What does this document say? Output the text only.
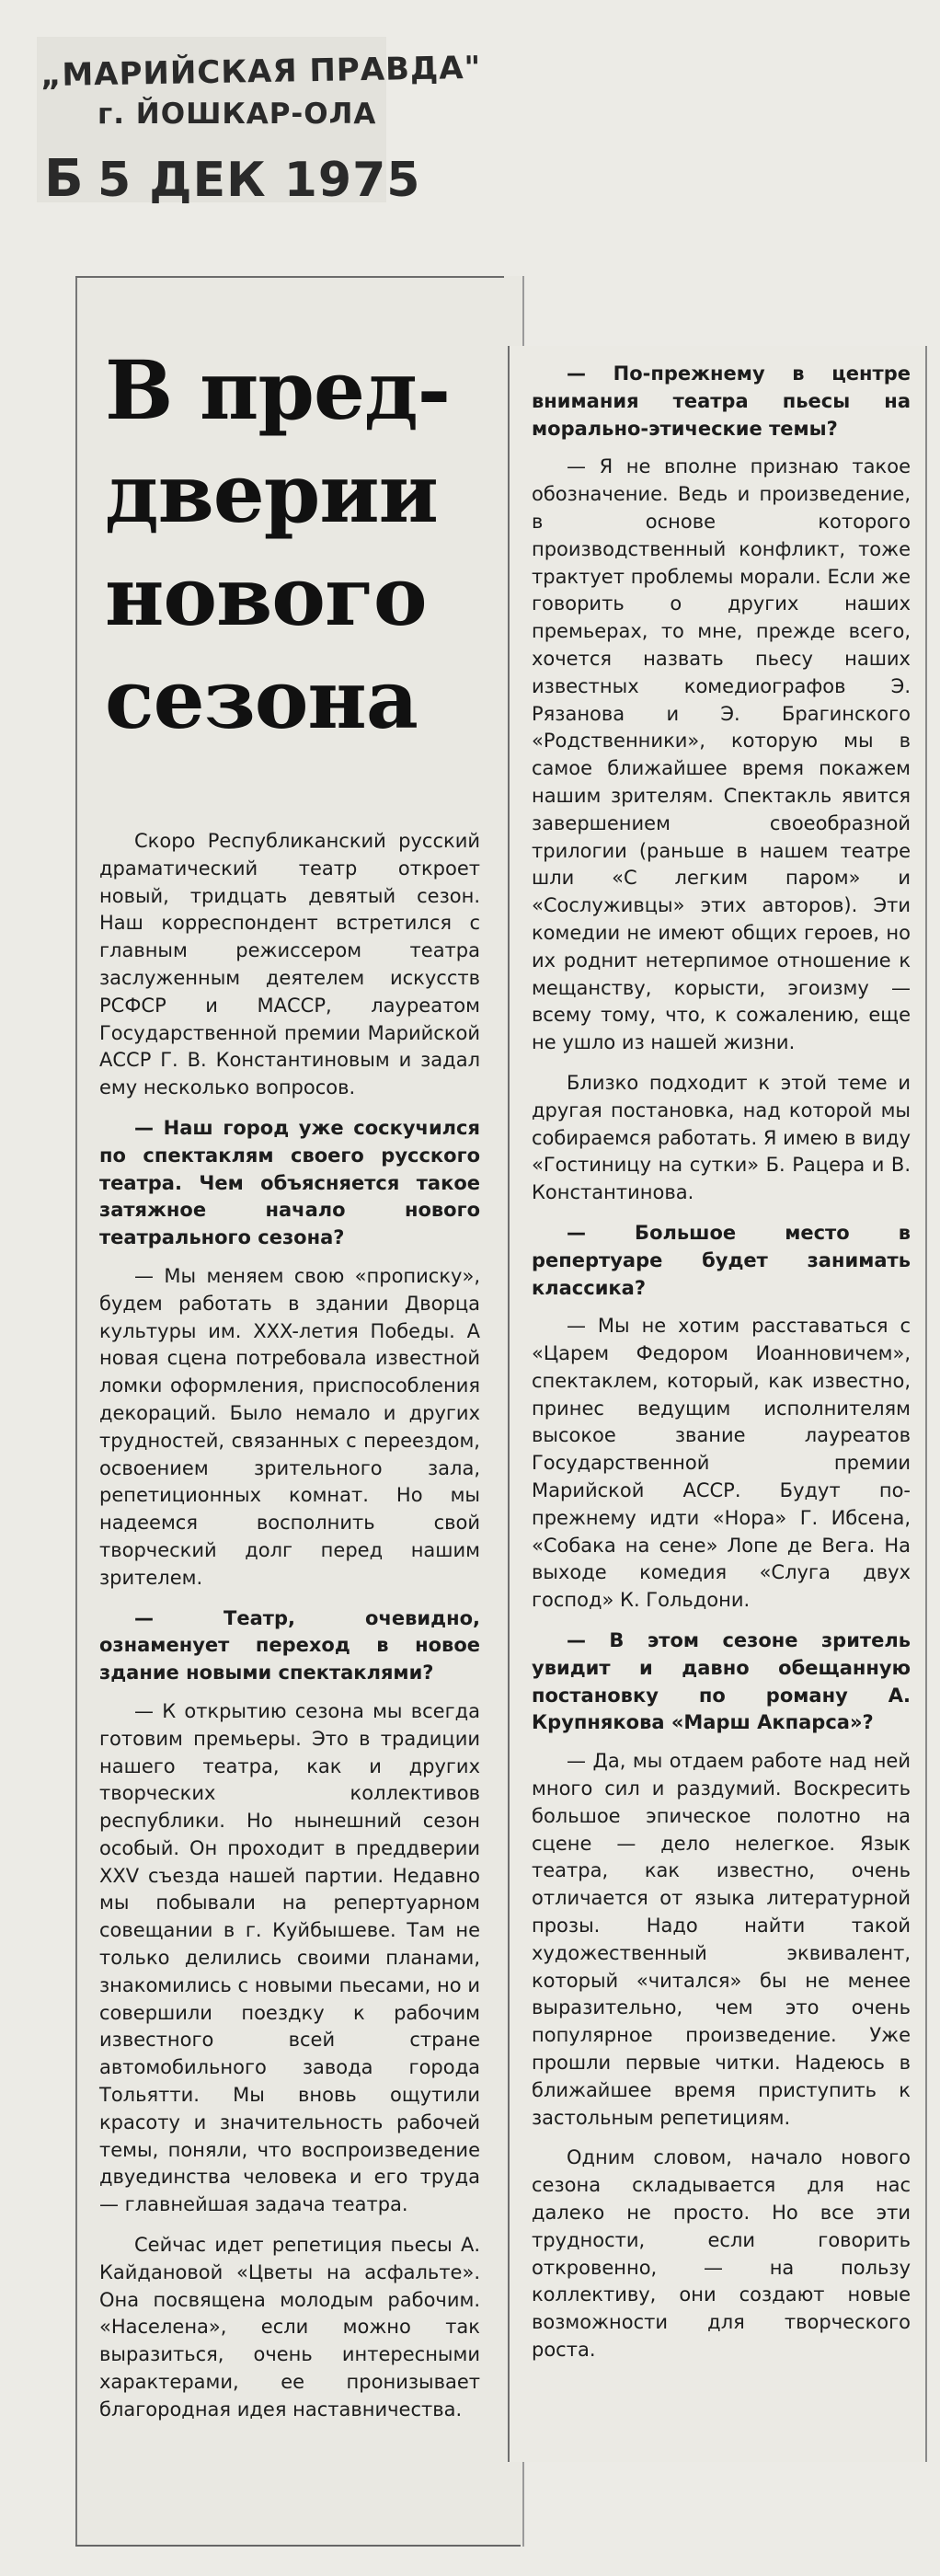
„МАРИЙСКАЯ ПРАВДА"
г. ЙОШКАР-ОЛА
Б 5 ДЕК 1975
В пред-
дверии
нового
сезона

Скоро Республиканский русский драматический театр откроет новый, тридцать девятый сезон. Наш корреспондент встретился с главным режиссером театра заслуженным деятелем искусств РСФСР и МАССР, лауреатом Государственной премии Марийской АССР Г. В. Константиновым и задал ему несколько вопросов.

— Наш город уже соскучился по спектаклям своего русского театра. Чем объясняется такое затяжное начало нового театрального сезона?

— Мы меняем свою «прописку», будем работать в здании Дворца культуры им. XXX-летия Победы. А новая сцена потребовала известной ломки оформления, приспособления декораций. Было немало и других трудностей, связанных с переездом, освоением зрительного зала, репетиционных комнат. Но мы надеемся восполнить свой творческий долг перед нашим зрителем.

— Театр, очевидно, ознаменует переход в новое здание новыми спектаклями?

— К открытию сезона мы всегда готовим премьеры. Это в традиции нашего театра, как и других творческих коллективов республики. Но нынешний сезон особый. Он проходит в преддверии XXV съезда нашей партии. Недавно мы побывали на репертуарном совещании в г. Куйбышеве. Там не только делились своими планами, знакомились с новыми пьесами, но и совершили поездку к рабочим известного всей стране автомобильного завода города Тольятти. Мы вновь ощутили красоту и значительность рабочей темы, поняли, что воспроизведение двуединства человека и его труда — главнейшая задача театра.

Сейчас идет репетиция пьесы А. Кайдановой «Цветы на асфальте». Она посвящена молодым рабочим. «Населена», если можно так выразиться, очень интересными характерами, ее пронизывает благородная идея наставничества.

— По-прежнему в центре внимания театра пьесы на морально-этические темы?

— Я не вполне признаю такое обозначение. Ведь и произведение, в основе которого производственный конфликт, тоже трактует проблемы морали. Если же говорить о других наших премьерах, то мне, прежде всего, хочется назвать пьесу наших известных комедиографов Э. Рязанова и Э. Брагинского «Родственники», которую мы в самое ближайшее время покажем нашим зрителям. Спектакль явится завершением своеобразной трилогии (раньше в нашем театре шли «С легким паром» и «Сослуживцы» этих авторов). Эти комедии не имеют общих героев, но их роднит нетерпимое отношение к мещанству, корысти, эгоизму — всему тому, что, к сожалению, еще не ушло из нашей жизни.

Близко подходит к этой теме и другая постановка, над которой мы собираемся работать. Я имею в виду «Гостиницу на сутки» Б. Рацера и В. Константинова.

— Большое место в репертуаре будет занимать классика?

— Мы не хотим расставаться с «Царем Федором Иоанновичем», спектаклем, который, как известно, принес ведущим исполнителям высокое звание лауреатов Государственной премии Марийской АССР. Будут по-прежнему идти «Нора» Г. Ибсена, «Собака на сене» Лопе де Вега. На выходе комедия «Слуга двух господ» К. Гольдони.

— В этом сезоне зритель увидит и давно обещанную постановку по роману А. Крупнякова «Марш Акпарса»?

— Да, мы отдаем работе над ней много сил и раздумий. Воскресить большое эпическое полотно на сцене — дело нелегкое. Язык театра, как известно, очень отличается от языка литературной прозы. Надо найти такой художественный эквивалент, который «читался» бы не менее выразительно, чем это очень популярное произведение. Уже прошли первые читки. Надеюсь в ближайшее время приступить к застольным репетициям.

Одним словом, начало нового сезона складывается для нас далеко не просто. Но все эти трудности, если говорить откровенно, — на пользу коллективу, они создают новые возможности для творческого роста.
